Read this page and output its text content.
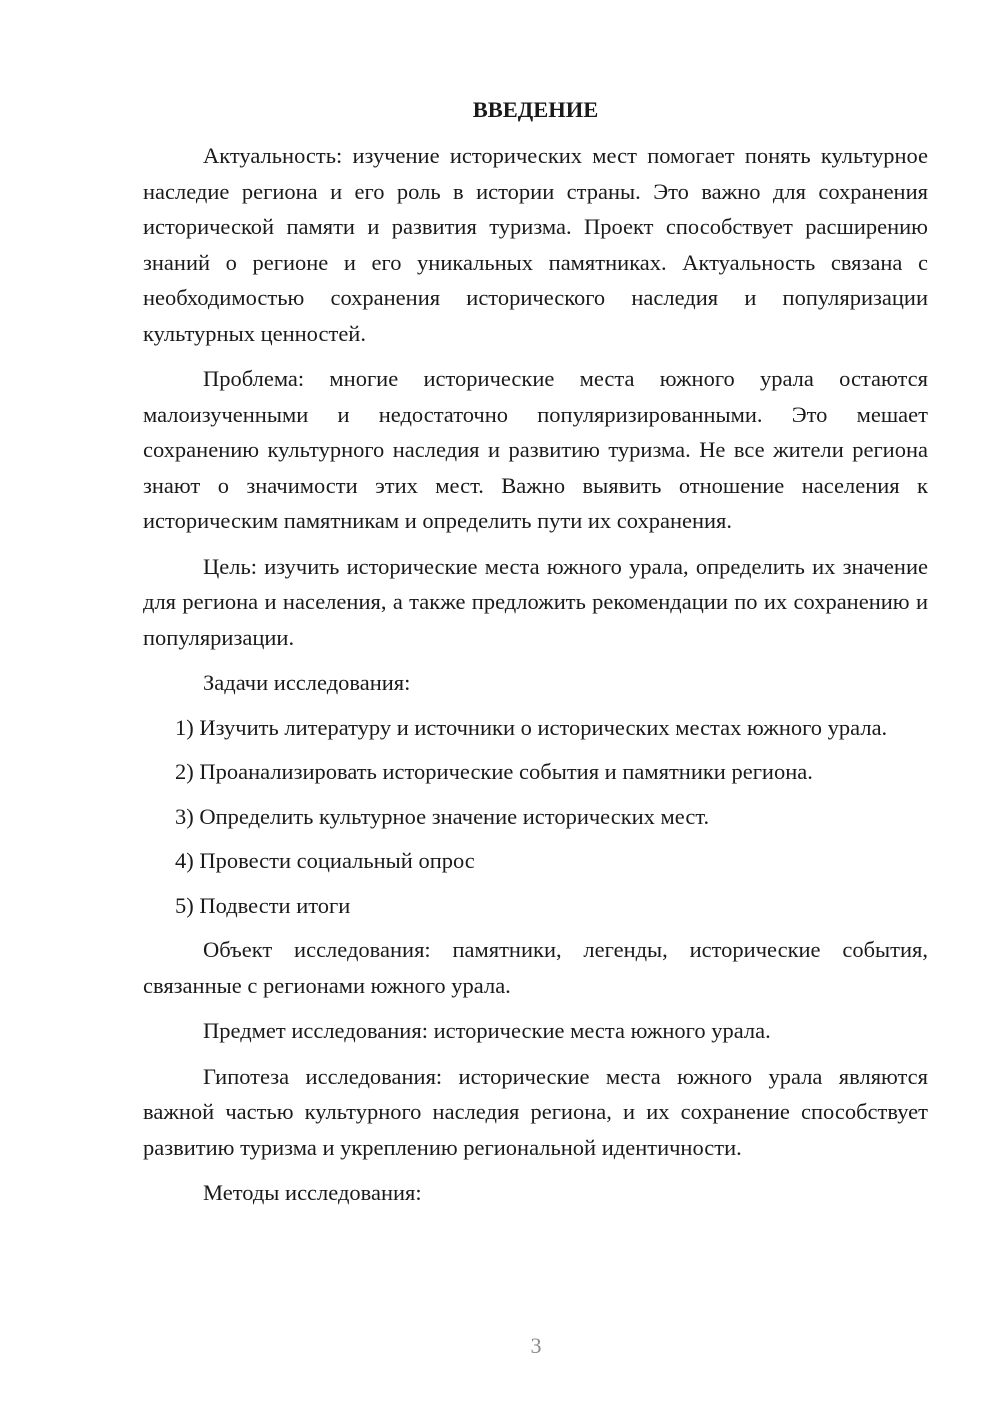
ВВЕДЕНИЕ

Актуальность: изучение исторических мест помогает понять культурное наследие региона и его роль в истории страны. Это важно для сохранения исторической памяти и развития туризма. Проект способствует расширению знаний о регионе и его уникальных памятниках. Актуальность связана с необходимостью сохранения исторического наследия и популяризации культурных ценностей.

Проблема: многие исторические места южного урала остаются малоизученными и недостаточно популяризированными. Это мешает сохранению культурного наследия и развитию туризма. Не все жители региона знают о значимости этих мест. Важно выявить отношение населения к историческим памятникам и определить пути их сохранения.

Цель: изучить исторические места южного урала, определить их значение для региона и населения, а также предложить рекомендации по их сохранению и популяризации.

Задачи исследования:

1) Изучить литературу и источники о исторических местах южного урала.

2) Проанализировать исторические события и памятники региона.

3) Определить культурное значение исторических мест.

4) Провести социальный опрос

5) Подвести итоги

Объект исследования: памятники, легенды, исторические события, связанные с регионами южного урала.

Предмет исследования: исторические места южного урала.

Гипотеза исследования: исторические места южного урала являются важной частью культурного наследия региона, и их сохранение способствует развитию туризма и укреплению региональной идентичности.

Методы исследования:

3
